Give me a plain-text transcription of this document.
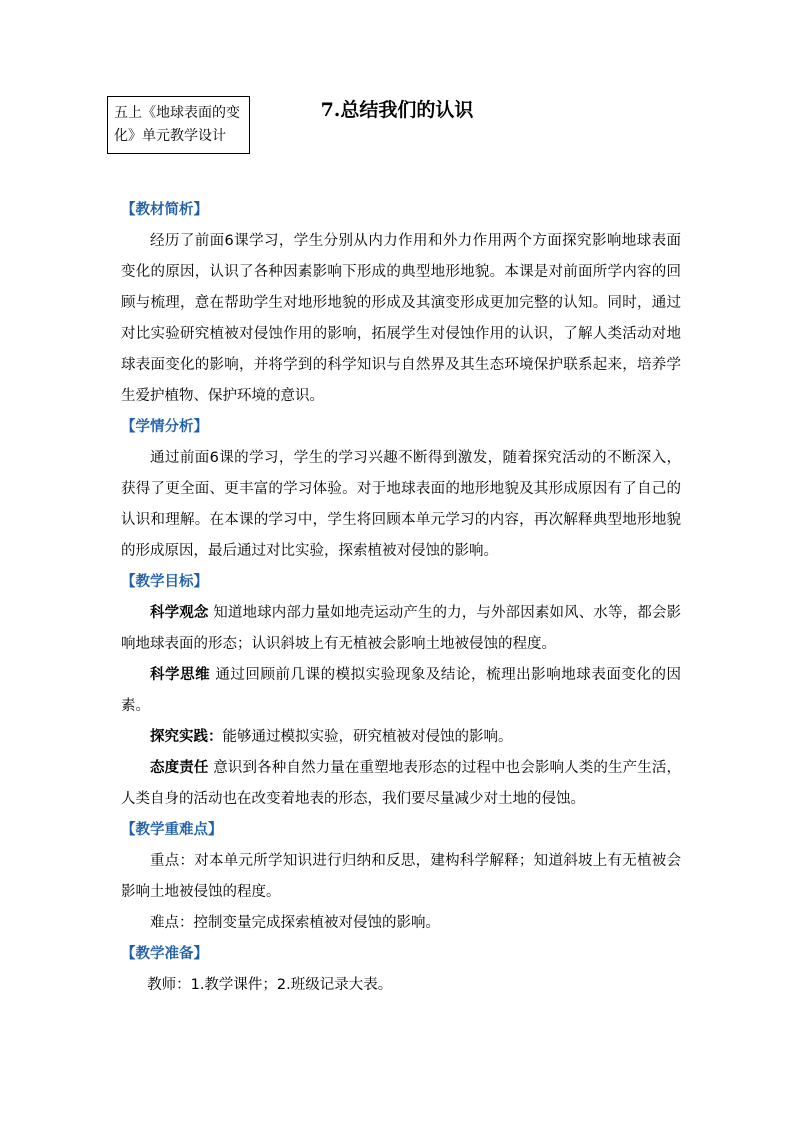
五上《地球表面的变化》单元教学设计
7.总结我们的认识

【教材简析】

经历了前面6课学习，学生分别从内力作用和外力作用两个方面探究影响地球表面变化的原因，认识了各种因素影响下形成的典型地形地貌。本课是对前面所学内容的回顾与梳理，意在帮助学生对地形地貌的形成及其演变形成更加完整的认知。同时，通过对比实验研究植被对侵蚀作用的影响，拓展学生对侵蚀作用的认识，了解人类活动对地球表面变化的影响，并将学到的科学知识与自然界及其生态环境保护联系起来，培养学生爱护植物、保护环境的意识。

【学情分析】

通过前面6课的学习，学生的学习兴趣不断得到激发，随着探究活动的不断深入，获得了更全面、更丰富的学习体验。对于地球表面的地形地貌及其形成原因有了自己的认识和理解。在本课的学习中，学生将回顾本单元学习的内容，再次解释典型地形地貌的形成原因，最后通过对比实验，探索植被对侵蚀的影响。

【教学目标】

科学观念 知道地球内部力量如地壳运动产生的力，与外部因素如风、水等，都会影响地球表面的形态；认识斜坡上有无植被会影响土地被侵蚀的程度。

科学思维 通过回顾前几课的模拟实验现象及结论，梳理出影响地球表面变化的因素。

探究实践：能够通过模拟实验，研究植被对侵蚀的影响。

态度责任 意识到各种自然力量在重塑地表形态的过程中也会影响人类的生产生活，人类自身的活动也在改变着地表的形态，我们要尽量减少对土地的侵蚀。

【教学重难点】

重点：对本单元所学知识进行归纳和反思，建构科学解释；知道斜坡上有无植被会影响土地被侵蚀的程度。

难点：控制变量完成探索植被对侵蚀的影响。

【教学准备】

教师：1.教学课件；2.班级记录大表。
